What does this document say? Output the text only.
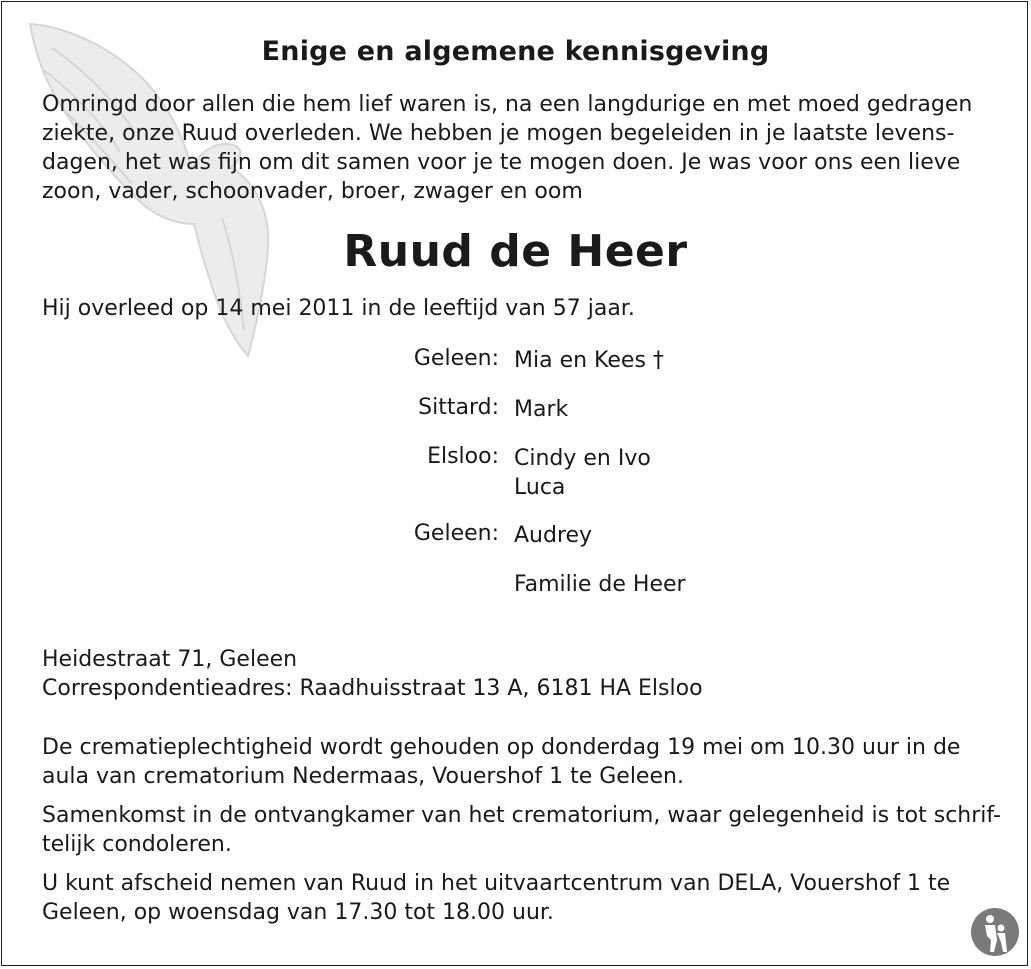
Enige en algemene kennisgeving
Omringd door allen die hem lief waren is, na een langdurige en met moed gedragen
ziekte, onze Ruud overleden. We hebben je mogen begeleiden in je laatste levens-
dagen, het was fijn om dit samen voor je te mogen doen. Je was voor ons een lieve
zoon, vader, schoonvader, broer, zwager en oom
Ruud de Heer
Hij overleed op 14 mei 2011 in de leeftijd van 57 jaar.
Geleen: Mia en Kees †
Sittard: Mark
Elsloo: Cindy en Ivo
Luca
Geleen: Audrey
Familie de Heer
Heidestraat 71, Geleen
Correspondentieadres: Raadhuisstraat 13 A, 6181 HA Elsloo
De crematieplechtigheid wordt gehouden op donderdag 19 mei om 10.30 uur in de
aula van crematorium Nedermaas, Vouershof 1 te Geleen.
Samenkomst in de ontvangkamer van het crematorium, waar gelegenheid is tot schrif-
telijk condoleren.
U kunt afscheid nemen van Ruud in het uitvaartcentrum van DELA, Vouershof 1 te
Geleen, op woensdag van 17.30 tot 18.00 uur.
